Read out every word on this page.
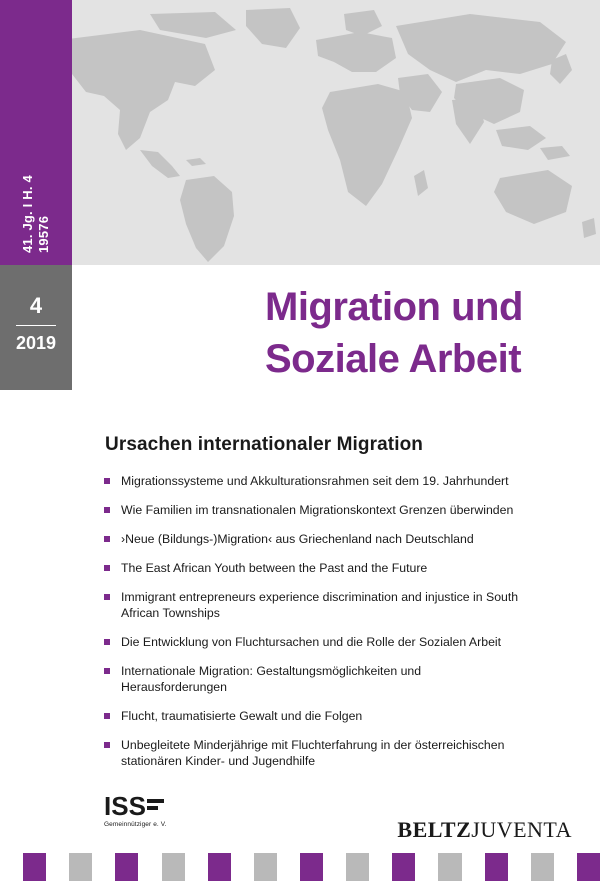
41. Jg. I H. 4 19576
4
2019
Migration und
Soziale Arbeit
Ursachen internationaler Migration
Migrationssysteme und Akkulturationsrahmen seit dem 19. Jahrhundert
Wie Familien im transnationalen Migrationskontext Grenzen überwinden
›Neue (Bildungs-)Migration‹ aus Griechenland nach Deutschland
The East African Youth between the Past and the Future
Immigrant entrepreneurs experience discrimination and injustice in South African Townships
Die Entwicklung von Fluchtursachen und die Rolle der Sozialen Arbeit
Internationale Migration: Gestaltungsmöglichkeiten und Herausforderungen
Flucht, traumatisierte Gewalt und die Folgen
Unbegleitete Minderjährige mit Fluchterfahrung in der österreichischen stationären Kinder- und Jugendhilfe
ISS
Gemeinnütziger e. V.	BELTZJUVENTA
